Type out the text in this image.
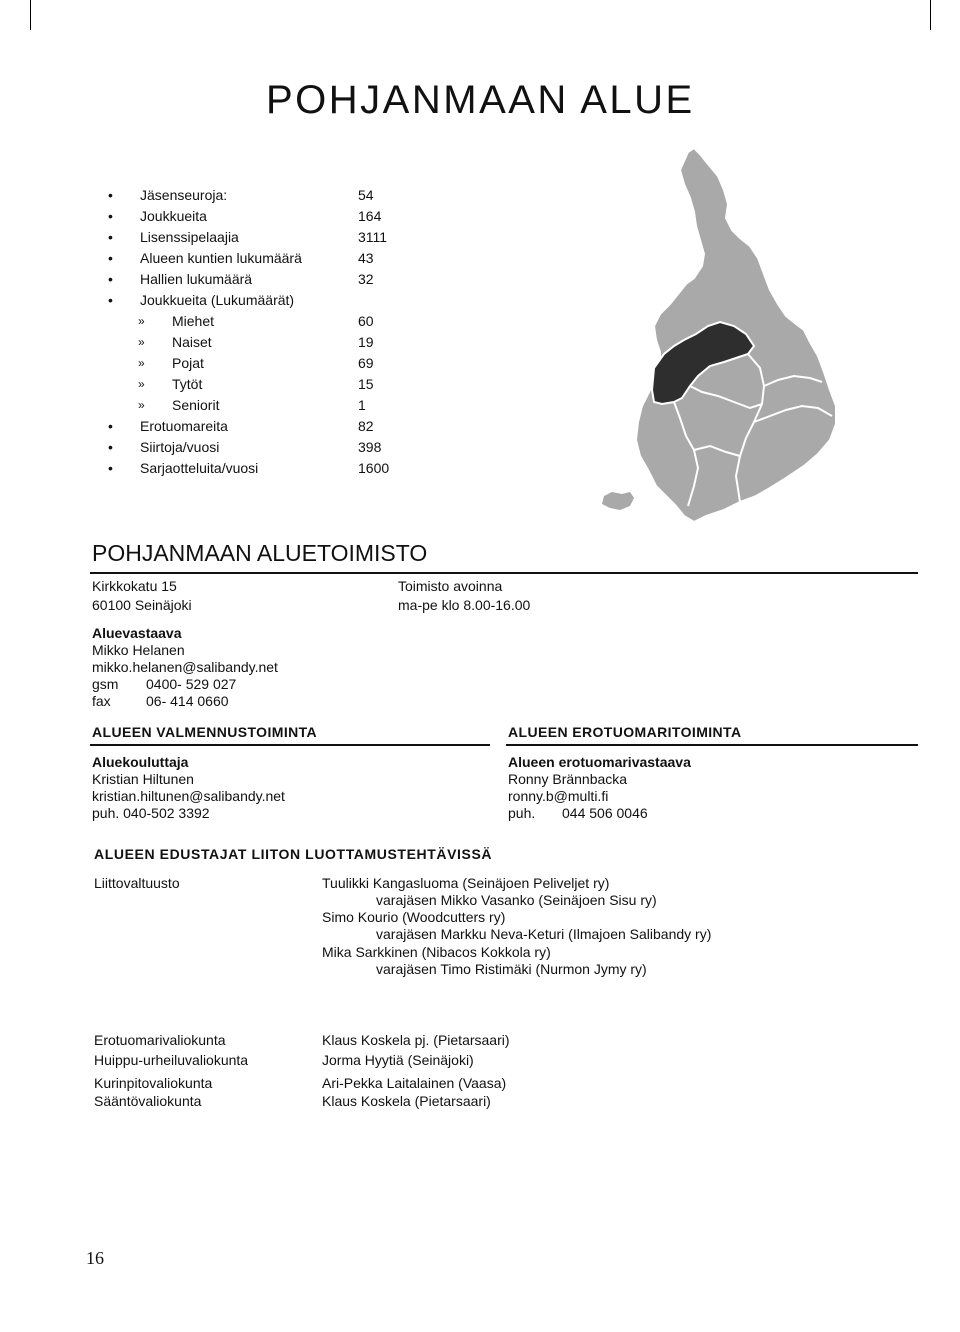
POHJANMAAN ALUE
• Jäsenseuroja:	54
• Joukkueita	164
• Lisenssipelaajia	3111
• Alueen kuntien lukumäärä	43
• Hallien lukumäärä	32
• Joukkueita (Lukumäärät)
» Miehet	60
» Naiset	19
» Pojat	69
» Tytöt	15
» Seniorit	1
• Erotuomareita	82
• Siirtoja/vuosi	398
• Sarjaotteluita/vuosi	1600
POHJANMAAN ALUETOIMISTO
Kirkkokatu 15
60100 Seinäjoki
Toimisto avoinna
ma-pe klo 8.00-16.00
Aluevastaava
Mikko Helanen
mikko.helanen@salibandy.net
gsm 0400- 529 027
fax	06- 414 0660
ALUEEN VALMENNUSTOIMINTA
Aluekouluttaja
Kristian Hiltunen
kristian.hiltunen@salibandy.net
puh. 040-502 3392
ALUEEN EROTUOMARITOIMINTA
Alueen erotuomarivastaava
Ronny Brännbacka
ronny.b@multi.fi
puh. 044 506 0046
ALUEEN EDUSTAJAT LIITON LUOTTAMUSTEHTÄVISSÄ
Liittovaltuusto	Tuulikki Kangasluoma (Seinäjoen Peliveljet ry)
varajäsen Mikko Vasanko (Seinäjoen Sisu ry)
Simo Kourio (Woodcutters ry)
varajäsen Markku Neva-Keturi (Ilmajoen Salibandy ry)
Mika Sarkkinen (Nibacos Kokkola ry)
varajäsen Timo Ristimäki (Nurmon Jymy ry)
Erotuomarivaliokunta	Klaus Koskela pj. (Pietarsaari)
Huippu-urheiluvaliokunta	Jorma Hyytiä (Seinäjoki)
Kurinpitovaliokunta	Ari-Pekka Laitalainen (Vaasa)
Sääntövaliokunta	Klaus Koskela (Pietarsaari)
16
